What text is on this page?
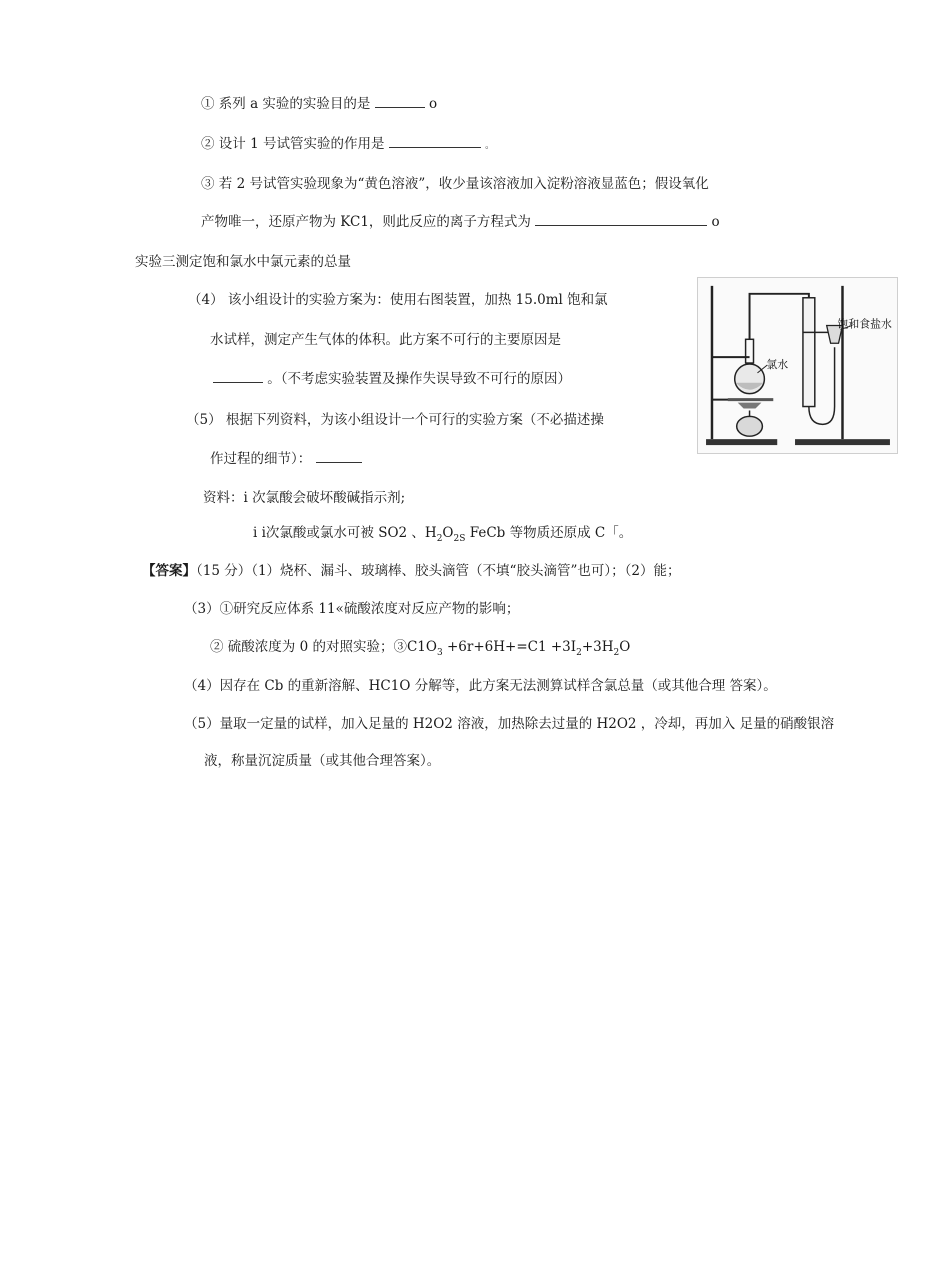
① 系列 a 实验的实验目的是	o
② 设计 1 号试管实验的作用是	。
③ 若 2 号试管实验现象为“黄色溶液”，收少量该溶液加入淀粉溶液显蓝色；假设氧化
产物唯一，还原产物为 KC1，则此反应的离子方程式为	o
实验三测定饱和氯水中氯元素的总量
（4） 该小组设计的实验方案为：使用右图装置，加热 15.0ml 饱和氯
水试样，测定产生气体的体积。此方案不可行的主要原因是
。（不考虑实验装置及操作失误导致不可行的原因）
（5） 根据下列资料，为该小组设计一个可行的实验方案（不必描述操
作过程的细节）：
资料：i 次氯酸会破坏酸碱指示剂;
i i次氯酸或氯水可被 SO2 、$H_2O_{2S}$ FeCb 等物质还原成 C「。
氯水
饱和食盐水
【答案】（15 分）（1）烧杯、漏斗、玻璃棒、胶头滴管（不填“胶头滴管”也可）；（2）能；
（3）①研究反应体系 11«硫酸浓度对反应产物的影响；
② 硫酸浓度为 0 的对照实验；$③C1O_3 +6r+6H+=C1 +3I_2+3H_2O$
（4）因存在 Cb 的重新溶解、HC1O 分解等，此方案无法测算试样含氯总量（或其他合理 答案）。
（5）量取一定量的试样，加入足量的 H2O2 溶液，加热除去过量的 H2O2 ，冷却，再加入 足量的硝酸银溶
液，称量沉淀质量（或其他合理答案）。
